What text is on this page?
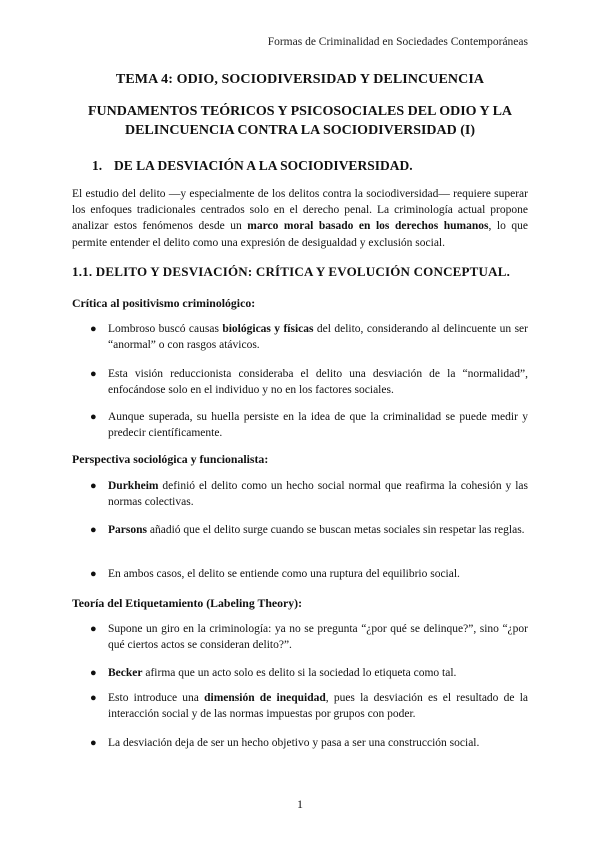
Formas de Criminalidad en Sociedades Contemporáneas
TEMA 4: ODIO, SOCIODIVERSIDAD Y DELINCUENCIA
FUNDAMENTOS TEÓRICOS Y PSICOSOCIALES DEL ODIO Y LA
DELINCUENCIA CONTRA LA SOCIODIVERSIDAD (I)
1. DE LA DESVIACIÓN A LA SOCIODIVERSIDAD.
El estudio del delito —y especialmente de los delitos contra la sociodiversidad— requiere superar los enfoques tradicionales centrados solo en el derecho penal. La criminología actual propone analizar estos fenómenos desde un marco moral basado en los derechos humanos, lo que permite entender el delito como una expresión de desigualdad y exclusión social.
1.1. DELITO Y DESVIACIÓN: CRÍTICA Y EVOLUCIÓN CONCEPTUAL.
Crítica al positivismo criminológico:
● Lombroso buscó causas biológicas y físicas del delito, considerando al delincuente un ser “anormal” o con rasgos atávicos.
● Esta visión reduccionista consideraba el delito una desviación de la “normalidad”, enfocándose solo en el individuo y no en los factores sociales.
● Aunque superada, su huella persiste en la idea de que la criminalidad se puede medir y predecir científicamente.
Perspectiva sociológica y funcionalista:
● Durkheim definió el delito como un hecho social normal que reafirma la cohesión y las normas colectivas.
● Parsons añadió que el delito surge cuando se buscan metas sociales sin respetar las reglas.
● En ambos casos, el delito se entiende como una ruptura del equilibrio social.
Teoría del Etiquetamiento (Labeling Theory):
● Supone un giro en la criminología: ya no se pregunta “¿por qué se delinque?”, sino “¿por qué ciertos actos se consideran delito?”.
● Becker afirma que un acto solo es delito si la sociedad lo etiqueta como tal.
● Esto introduce una dimensión de inequidad, pues la desviación es el resultado de la interacción social y de las normas impuestas por grupos con poder.
● La desviación deja de ser un hecho objetivo y pasa a ser una construcción social.
1
